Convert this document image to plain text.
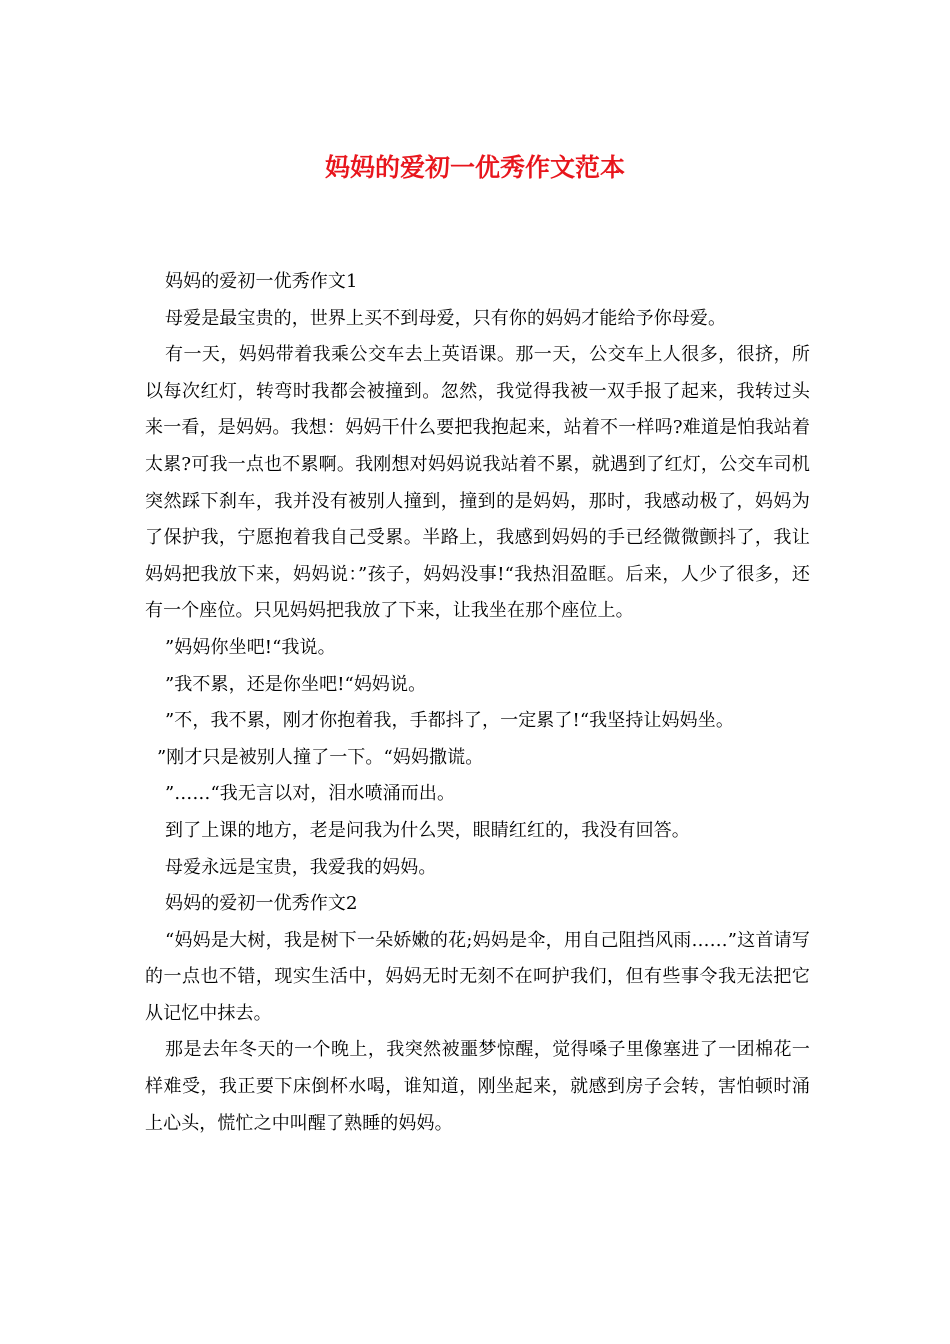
妈妈的爱初一优秀作文范本

妈妈的爱初一优秀作文1

母爱是最宝贵的，世界上买不到母爱，只有你的妈妈才能给予你母爱。

有一天，妈妈带着我乘公交车去上英语课。那一天，公交车上人很多，很挤，所以每次红灯，转弯时我都会被撞到。忽然，我觉得我被一双手报了起来，我转过头来一看，是妈妈。我想：妈妈干什么要把我抱起来，站着不一样吗?难道是怕我站着太累?可我一点也不累啊。我刚想对妈妈说我站着不累，就遇到了红灯，公交车司机突然踩下刹车，我并没有被别人撞到，撞到的是妈妈，那时，我感动极了，妈妈为了保护我，宁愿抱着我自己受累。半路上，我感到妈妈的手已经微微颤抖了，我让妈妈把我放下来，妈妈说：”孩子，妈妈没事!“我热泪盈眶。后来，人少了很多，还有一个座位。只见妈妈把我放了下来，让我坐在那个座位上。

”妈妈你坐吧!“我说。

”我不累，还是你坐吧!“妈妈说。

”不，我不累，刚才你抱着我，手都抖了，一定累了!“我坚持让妈妈坐。

”刚才只是被别人撞了一下。“妈妈撒谎。

”……“我无言以对，泪水喷涌而出。

到了上课的地方，老是问我为什么哭，眼睛红红的，我没有回答。

母爱永远是宝贵，我爱我的妈妈。

妈妈的爱初一优秀作文2

“妈妈是大树，我是树下一朵娇嫩的花;妈妈是伞，用自己阻挡风雨……”这首请写的一点也不错，现实生活中，妈妈无时无刻不在呵护我们，但有些事令我无法把它从记忆中抹去。

那是去年冬天的一个晚上，我突然被噩梦惊醒，觉得嗓子里像塞进了一团棉花一样难受，我正要下床倒杯水喝，谁知道，刚坐起来，就感到房子会转，害怕顿时涌上心头，慌忙之中叫醒了熟睡的妈妈。
